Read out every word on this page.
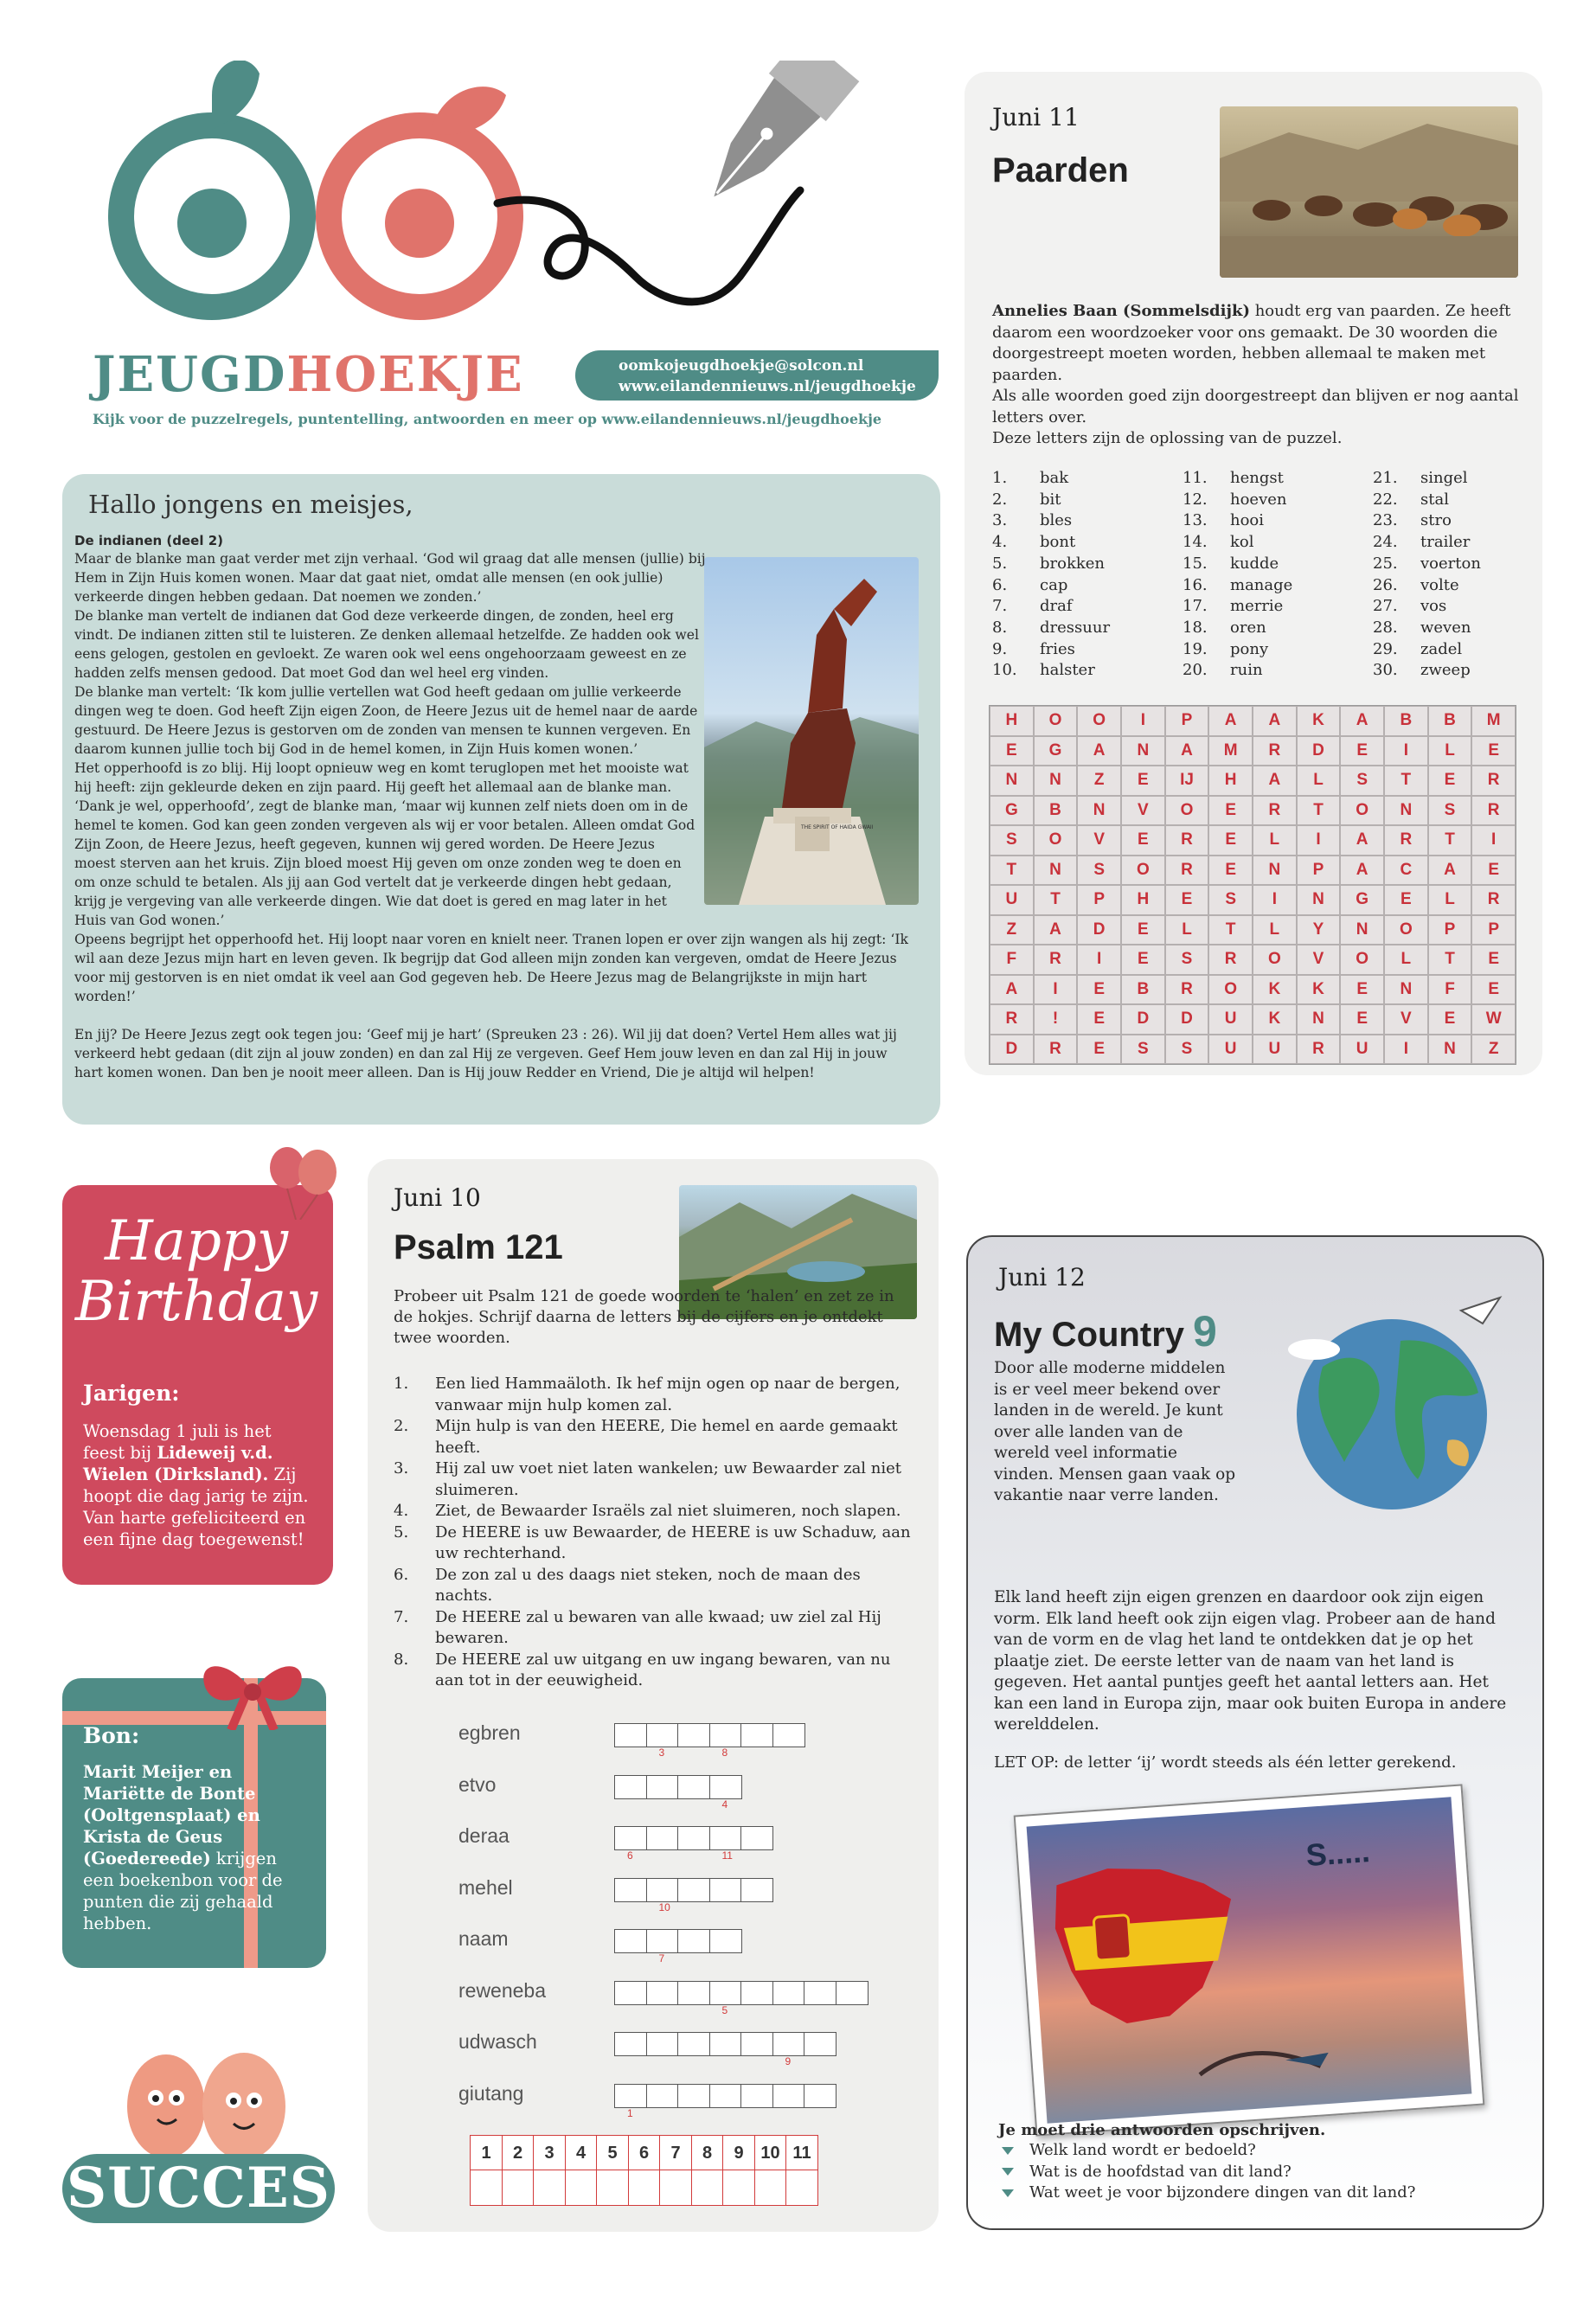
JEUGDHOEKJE	oomkojeugdhoekje@solcon.nl
www.eilandennieuws.nl/jeugdhoekje
Kijk voor de puzzelregels, puntentelling, antwoorden en meer op www.eilandennieuws.nl/jeugdhoekje
Hallo jongens en meisjes,
De indianen (deel 2)
THE SPIRIT OF HAIDA GWAII

Maar de blanke man gaat verder met zijn verhaal. ‘God wil graag dat alle mensen (jullie) bij Hem in Zijn Huis komen wonen. Maar dat gaat niet, omdat alle mensen (en ook jullie) verkeerde dingen hebben gedaan. Dat noemen we zonden.’

De blanke man vertelt de indianen dat God deze verkeerde dingen, de zonden, heel erg vindt. De indianen zitten stil te luisteren. Ze denken allemaal hetzelfde. Ze hadden ook wel eens gelogen, gestolen en gevloekt. Ze waren ook wel eens ongehoorzaam geweest en ze hadden zelfs mensen gedood. Dat moet God dan wel heel erg vinden.

De blanke man vertelt: ‘Ik kom jullie vertellen wat God heeft gedaan om jullie verkeerde dingen weg te doen. God heeft Zijn eigen Zoon, de Heere Jezus uit de hemel naar de aarde gestuurd. De Heere Jezus is gestorven om de zonden van mensen te kunnen vergeven. En daarom kunnen jullie toch bij God in de hemel komen, in Zijn Huis komen wonen.’

Het opperhoofd is zo blij. Hij loopt opnieuw weg en komt teruglopen met het mooiste wat hij heeft: zijn gekleurde deken en zijn paard. Hij geeft het allemaal aan de blanke man. ‘Dank je wel, opperhoofd’, zegt de blanke man, ‘maar wij kunnen zelf niets doen om in de hemel te komen. God kan geen zonden vergeven als wij er voor betalen. Alleen omdat God Zijn Zoon, de Heere Jezus, heeft gegeven, kunnen wij gered worden. De Heere Jezus moest sterven aan het kruis. Zijn bloed moest Hij geven om onze zonden weg te doen en om onze schuld te betalen. Als jij aan God vertelt dat je verkeerde dingen hebt gedaan, krijg je vergeving van alle verkeerde dingen. Wie dat doet is gered en mag later in het Huis van God wonen.’

Opeens begrijpt het opperhoofd het. Hij loopt naar voren en knielt neer. Tranen lopen er over zijn wangen als hij zegt: ‘Ik wil aan deze Jezus mijn hart en leven geven. Ik begrijp dat God alleen mijn zonden kan vergeven, omdat de Heere Jezus voor mij gestorven is en niet omdat ik veel aan God gegeven heb. De Heere Jezus mag de Belangrijkste in mijn hart worden!’

En jij? De Heere Jezus zegt ook tegen jou: ‘Geef mij je hart’ (Spreuken 23 : 26). Wil jij dat doen? Vertel Hem alles wat jij verkeerd hebt gedaan (dit zijn al jouw zonden) en dan zal Hij ze vergeven. Geef Hem jouw leven en dan zal Hij in jouw hart komen wonen. Dan ben je nooit meer alleen. Dan is Hij jouw Redder en Vriend, Die je altijd wil helpen!

Juni 11
Paarden
Annelies Baan (Sommelsdijk) houdt erg van paarden. Ze heeft daarom een woordzoeker voor ons gemaakt. De 30 woorden die doorgestreept moeten worden, hebben allemaal te maken met paarden.
Als alle woorden goed zijn doorgestreept dan blijven er nog aantal letters over.
Deze letters zijn de oplossing van de puzzel.
1.	bak
2.	bit
3.	bles
4.	bont
5.	brokken
6.	cap
7.	draf
8.	dressuur
9.	fries
10.	halster
11.	hengst
12.	hoeven
13.	hooi
14.	kol
15.	kudde
16.	manage
17.	merrie
18.	oren
19.	pony
20.	ruin
21.	singel
22.	stal
23.	stro
24.	trailer
25.	voerton
26.	volte
27.	vos
28.	weven
29.	zadel
30.	zweep
H	O	O	I	P	A	A	K	A	B	B	M
E	G	A	N	A	M	R	D	E	I	L	E
N	N	Z	E	IJ	H	A	L	S	T	E	R
G	B	N	V	O	E	R	T	O	N	S	R
S	O	V	E	R	E	L	I	A	R	T	I
T	N	S	O	R	E	N	P	A	C	A	E
U	T	P	H	E	S	I	N	G	E	L	R
Z	A	D	E	L	T	L	Y	N	O	P	P
F	R	I	E	S	R	O	V	O	L	T	E
A	I	E	B	R	O	K	K	E	N	F	E
R	!	E	D	D	U	K	N	E	V	E	W
D	R	E	S	S	U	U	R	U	I	N	Z
Happy Birthday
Jarigen:
Woensdag 1 juli is het feest bij Lideweij v.d. Wielen (Dirksland). Zij hoopt die dag jarig te zijn. Van harte gefeliciteerd en een fijne dag toegewenst!
Bon:
Marit Meijer en Mariëtte de Bonte (Ooltgensplaat) en Krista de Geus (Goedereede) krijgen een boekenbon voor de punten die zij gehaald hebben.
SUCCES
Juni 10
Psalm 121
Probeer uit Psalm 121 de goede woorden te ‘halen’ en zet ze in de hokjes. Schrijf daarna de letters bij de cijfers en je ontdekt twee woorden.
1.	Een lied Hammaäloth. Ik hef mijn ogen op naar de bergen, vanwaar mijn hulp komen zal.
2.	Mijn hulp is van den HEERE, Die hemel en aarde gemaakt heeft.
3.	Hij zal uw voet niet laten wankelen; uw Bewaarder zal niet sluimeren.
4.	Ziet, de Bewaarder Israëls zal niet sluimeren, noch slapen.
5.	De HEERE is uw Bewaarder, de HEERE is uw Schaduw, aan uw rechterhand.
6.	De zon zal u des daags niet steken, noch de maan des nachts.
7.	De HEERE zal u bewaren van alle kwaad; uw ziel zal Hij bewaren.
8.	De HEERE zal uw uitgang en uw ingang bewaren, van nu aan tot in der eeuwigheid.
egbren
3	8
etvo
4
deraa
6	11
mehel
10
naam
7
reweneba
5
udwasch
9
giutang
1
1	2	3	4	5	6	7	8	9 10 11
Juni 12
My Country 9
Door alle moderne middelen is er veel meer bekend over landen in de wereld. Je kunt over alle landen van de wereld veel informatie vinden. Mensen gaan vaak op vakantie naar verre landen.
Elk land heeft zijn eigen grenzen en daardoor ook zijn eigen vorm. Elk land heeft ook zijn eigen vlag. Probeer aan de hand van de vorm en de vlag het land te ontdekken dat je op het plaatje ziet. De eerste letter van de naam van het land is gegeven. Het aantal puntjes geeft het aantal letters aan. Het kan een land in Europa zijn, maar ook buiten Europa in andere werelddelen.
LET OP: de letter ‘ij’ wordt steeds als één letter gerekend.
S.....
Je moet drie antwoorden opschrijven.
Welk land wordt er bedoeld?
Wat is de hoofdstad van dit land?
Wat weet je voor bijzondere dingen van dit land?
